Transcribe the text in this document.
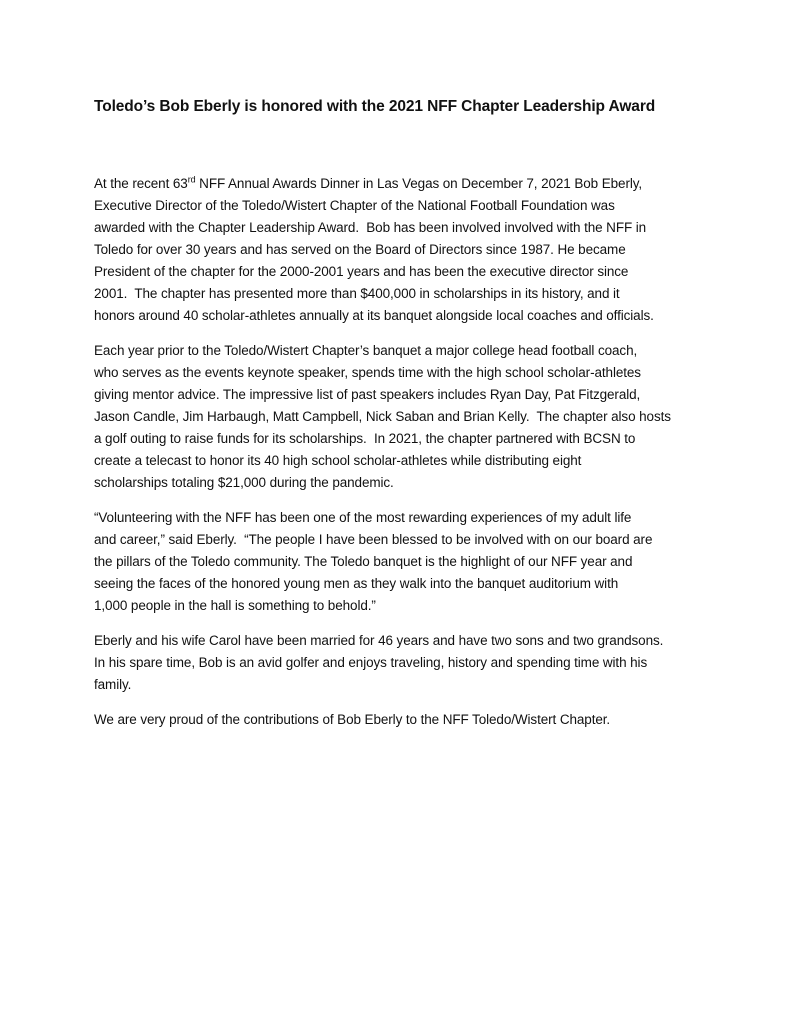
Toledo’s Bob Eberly is honored with the 2021 NFF Chapter Leadership Award
At the recent 63rd NFF Annual Awards Dinner in Las Vegas on December 7, 2021 Bob Eberly,
Executive Director of the Toledo/Wistert Chapter of the National Football Foundation was
awarded with the Chapter Leadership Award.  Bob has been involved involved with the NFF in
Toledo for over 30 years and has served on the Board of Directors since 1987. He became
President of the chapter for the 2000-2001 years and has been the executive director since
2001.  The chapter has presented more than $400,000 in scholarships in its history, and it
honors around 40 scholar-athletes annually at its banquet alongside local coaches and officials.
Each year prior to the Toledo/Wistert Chapter’s banquet a major college head football coach,
who serves as the events keynote speaker, spends time with the high school scholar-athletes
giving mentor advice. The impressive list of past speakers includes Ryan Day, Pat Fitzgerald,
Jason Candle, Jim Harbaugh, Matt Campbell, Nick Saban and Brian Kelly.  The chapter also hosts
a golf outing to raise funds for its scholarships.  In 2021, the chapter partnered with BCSN to
create a telecast to honor its 40 high school scholar-athletes while distributing eight
scholarships totaling $21,000 during the pandemic.
“Volunteering with the NFF has been one of the most rewarding experiences of my adult life
and career,” said Eberly.  “The people I have been blessed to be involved with on our board are
the pillars of the Toledo community. The Toledo banquet is the highlight of our NFF year and
seeing the faces of the honored young men as they walk into the banquet auditorium with
1,000 people in the hall is something to behold.”
Eberly and his wife Carol have been married for 46 years and have two sons and two grandsons.
In his spare time, Bob is an avid golfer and enjoys traveling, history and spending time with his
family.
We are very proud of the contributions of Bob Eberly to the NFF Toledo/Wistert Chapter.
